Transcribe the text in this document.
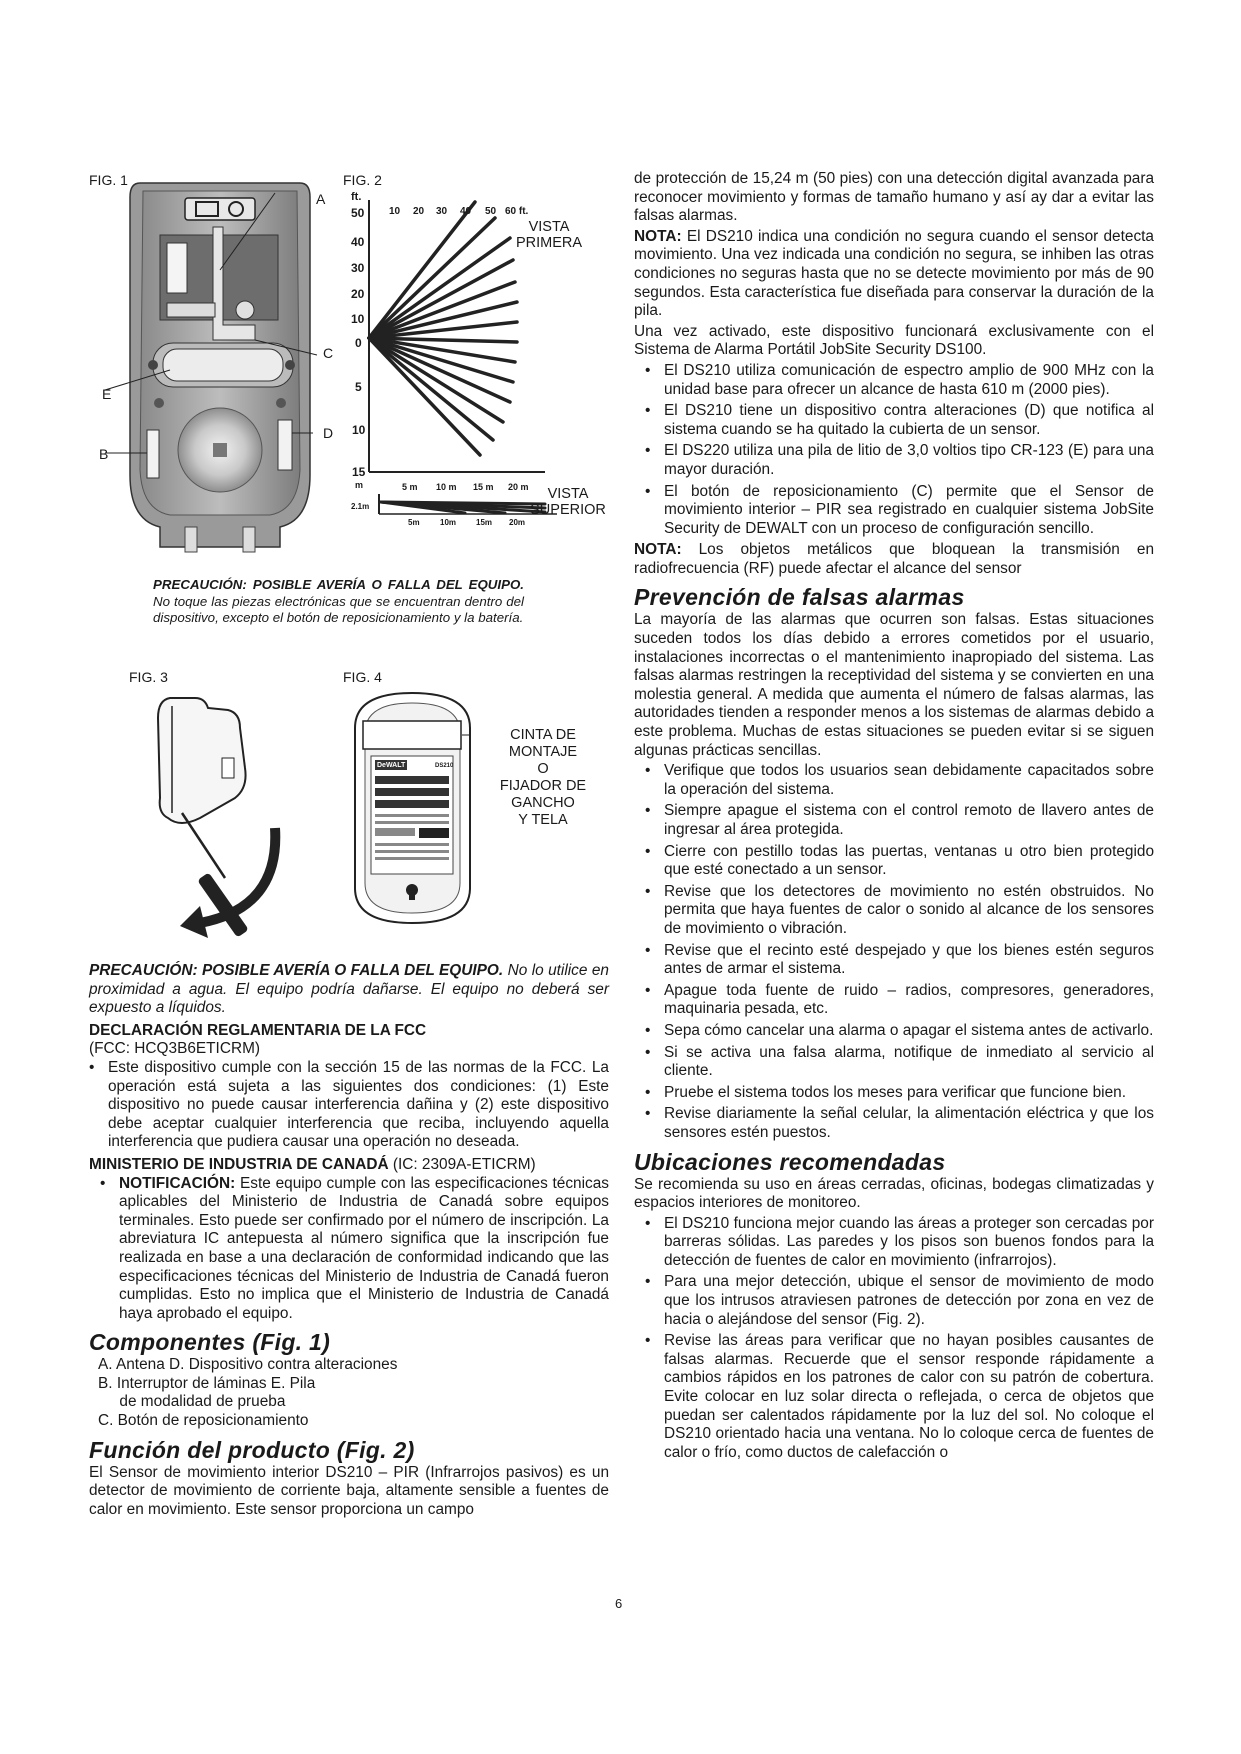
FIG. 1	FIG. 2
FIG. 3	FIG. 4
A
C
D
E
B
ft.
10 20 30 40 50 60 ft.
50
40
30
20
10
0
5
10
15
m	5 m 10 m 15 m 20 m
2.1m
5m	10m 15m 20m
VISTA PRIMERA
VISTA SUPERIOR
PRECAUCIÓN: POSIBLE AVERÍA O FALLA DEL EQUIPO. No toque las piezas electrónicas que se encuentran dentro del dispositivo, excepto el botón de reposicionamiento y la batería.
DeWALT	DS210
CINTA DE
MONTAJE
O
FIJADOR DE
GANCHO
Y TELA

PRECAUCIÓN: POSIBLE AVERÍA O FALLA DEL EQUIPO. No lo utilice en proximidad a agua. El equipo podría dañarse. El equipo no deberá ser expuesto a líquidos.

DECLARACIÓN REGLAMENTARIA DE LA FCC
(FCC: HCQ3B6ETICRM)
• Este dispositivo cumple con la sección 15 de las normas de la FCC. La operación está sujeta a las siguientes dos condiciones: (1) Este dispositivo no puede causar interferencia dañina y (2) este dispositivo debe aceptar cualquier interferencia que reciba, incluyendo aquella interferencia que pudiera causar una operación no deseada.
MINISTERIO DE INDUSTRIA DE CANADÁ (IC: 2309A-ETICRM)
• NOTIFICACIÓN: Este equipo cumple con las especificaciones técnicas aplicables del Ministerio de Industria de Canadá sobre equipos terminales. Esto puede ser confirmado por el número de inscripción. La abreviatura IC antepuesta al número significa que la inscripción fue realizada en base a una declaración de conformidad indicando que las especificaciones técnicas del Ministerio de Industria de Canadá fueron cumplidas. Esto no implica que el Ministerio de Industria de Canadá haya aprobado el equipo.
Componentes (Fig. 1)
A. Antena D. Dispositivo contra alteraciones
B. Interruptor de láminas E. Pila
de modalidad de prueba
C. Botón de reposicionamiento
Función del producto (Fig. 2)

El Sensor de movimiento interior DS210 – PIR (Infrarrojos pasivos) es un detector de movimiento de corriente baja, altamente sensible a fuentes de calor en movimiento. Este sensor proporciona un campo

de protección de 15,24 m (50 pies) con una detección digital avanzada para reconocer movimiento y formas de tamaño humano y así ay dar a evitar las falsas alarmas.

NOTA: El DS210 indica una condición no segura cuando el sensor detecta movimiento. Una vez indicada una condición no segura, se inhiben las otras condiciones no seguras hasta que no se detecte movimiento por más de 90 segundos. Esta característica fue diseñada para conservar la duración de la pila.

Una vez activado, este dispositivo funcionará exclusivamente con el Sistema de Alarma Portátil JobSite Security DS100.

• El DS210 utiliza comunicación de espectro amplio de 900 MHz con la unidad base para ofrecer un alcance de hasta 610 m (2000 pies).
• El DS210 tiene un dispositivo contra alteraciones (D) que notifica al sistema cuando se ha quitado la cubierta de un sensor.
• El DS220 utiliza una pila de litio de 3,0 voltios tipo CR-123 (E) para una mayor duración.
• El botón de reposicionamiento (C) permite que el Sensor de movimiento interior – PIR sea registrado en cualquier sistema JobSite Security de DEWALT con un proceso de configuración sencillo.

NOTA: Los objetos metálicos que bloquean la transmisión en radiofrecuencia (RF) puede afectar el alcance del sensor

Prevención de falsas alarmas

La mayoría de las alarmas que ocurren son falsas. Estas situaciones suceden todos los días debido a errores cometidos por el usuario, instalaciones incorrectas o el mantenimiento inapropiado del sistema. Las falsas alarmas restringen la receptividad del sistema y se convierten en una molestia general. A medida que aumenta el número de falsas alarmas, las autoridades tienden a responder menos a los sistemas de alarmas debido a este problema. Muchas de estas situaciones se pueden evitar si se siguen algunas prácticas sencillas.

• Verifique que todos los usuarios sean debidamente capacitados sobre la operación del sistema.
• Siempre apague el sistema con el control remoto de llavero antes de ingresar al área protegida.
• Cierre con pestillo todas las puertas, ventanas u otro bien protegido que esté conectado a un sensor.
• Revise que los detectores de movimiento no estén obstruidos. No permita que haya fuentes de calor o sonido al alcance de los sensores de movimiento o vibración.
• Revise que el recinto esté despejado y que los bienes estén seguros antes de armar el sistema.
• Apague toda fuente de ruido – radios, compresores, generadores, maquinaria pesada, etc.
• Sepa cómo cancelar una alarma o apagar el sistema antes de activarlo.
• Si se activa una falsa alarma, notifique de inmediato al servicio al cliente.
• Pruebe el sistema todos los meses para verificar que funcione bien.
• Revise diariamente la señal celular, la alimentación eléctrica y que los sensores estén puestos.
Ubicaciones recomendadas

Se recomienda su uso en áreas cerradas, oficinas, bodegas climatizadas y espacios interiores de monitoreo.

• El DS210 funciona mejor cuando las áreas a proteger son cercadas por barreras sólidas. Las paredes y los pisos son buenos fondos para la detección de fuentes de calor en movimiento (infrarrojos).
• Para una mejor detección, ubique el sensor de movimiento de modo que los intrusos atraviesen patrones de detección por zona en vez de hacia o alejándose del sensor (Fig. 2).
• Revise las áreas para verificar que no hayan posibles causantes de falsas alarmas. Recuerde que el sensor responde rápidamente a cambios rápidos en los patrones de calor con su patrón de cobertura. Evite colocar en luz solar directa o reflejada, o cerca de objetos que puedan ser calentados rápidamente por la luz del sol. No coloque el DS210 orientado hacia una ventana. No lo coloque cerca de fuentes de calor o frío, como ductos de calefacción o
6
